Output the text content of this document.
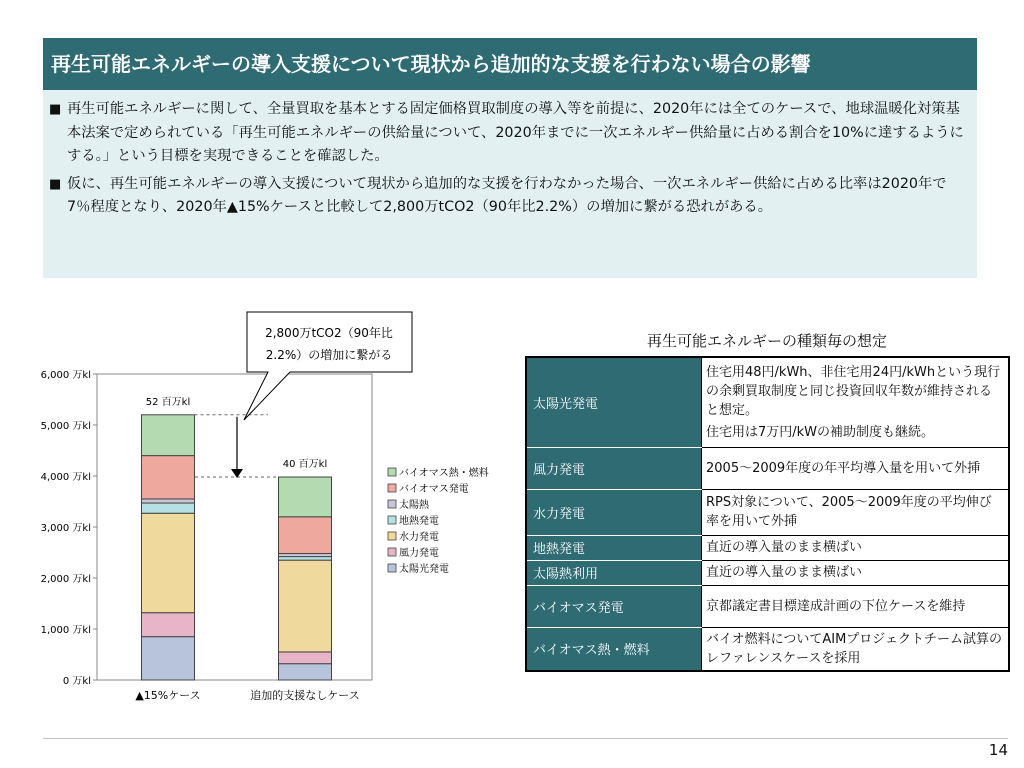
再生可能エネルギーの導入支援について現状から追加的な支援を行わない場合の影響
■ 再生可能エネルギーに関して、全量買取を基本とする固定価格買取制度の導入等を前提に、2020年には全てのケースで、地球温暖化対策基本法案で定められている「再生可能エネルギーの供給量について、2020年までに一次エネルギー供給量に占める割合を10%に達するようにする。」という目標を実現できることを確認した。
■ 仮に、再生可能エネルギーの導入支援について現状から追加的な支援を行わなかった場合、一次エネルギー供給に占める比率は2020年で7％程度となり、2020年▲15%ケースと比較して2,800万tCO2（90年比2.2%）の増加に繋がる恐れがある。
0 万kl
1,000 万kl
2,000 万kl
3,000 万kl
4,000 万kl
5,000 万kl
6,000 万kl
▲15%ケース
52 百万kl
追加的支援なしケース
40 百万kl
2,800万tCO2（90年比
2.2%）の増加に繋がる
バイオマス熱・燃料
バイオマス発電
太陽熱
地熱発電
水力発電
風力発電
太陽光発電
再生可能エネルギーの種類毎の想定
太陽光発電	住宅用48円/kWh、非住宅用24円/kWhという現行の余剰買取制度と同じ投資回収年数が維持されると想定。
住宅用は7万円/kWの補助制度も継続。

風力発電	2005～2009年度の年平均導入量を用いて外挿

水力発電	RPS対象について、2005～2009年度の平均伸び率を用いて外挿

地熱発電	直近の導入量のまま横ばい

太陽熱利用	直近の導入量のまま横ばい

バイオマス発電	京都議定書目標達成計画の下位ケースを維持

バイオマス熱・燃料	バイオ燃料についてAIMプロジェクトチーム試算のレファレンスケースを採用
14
